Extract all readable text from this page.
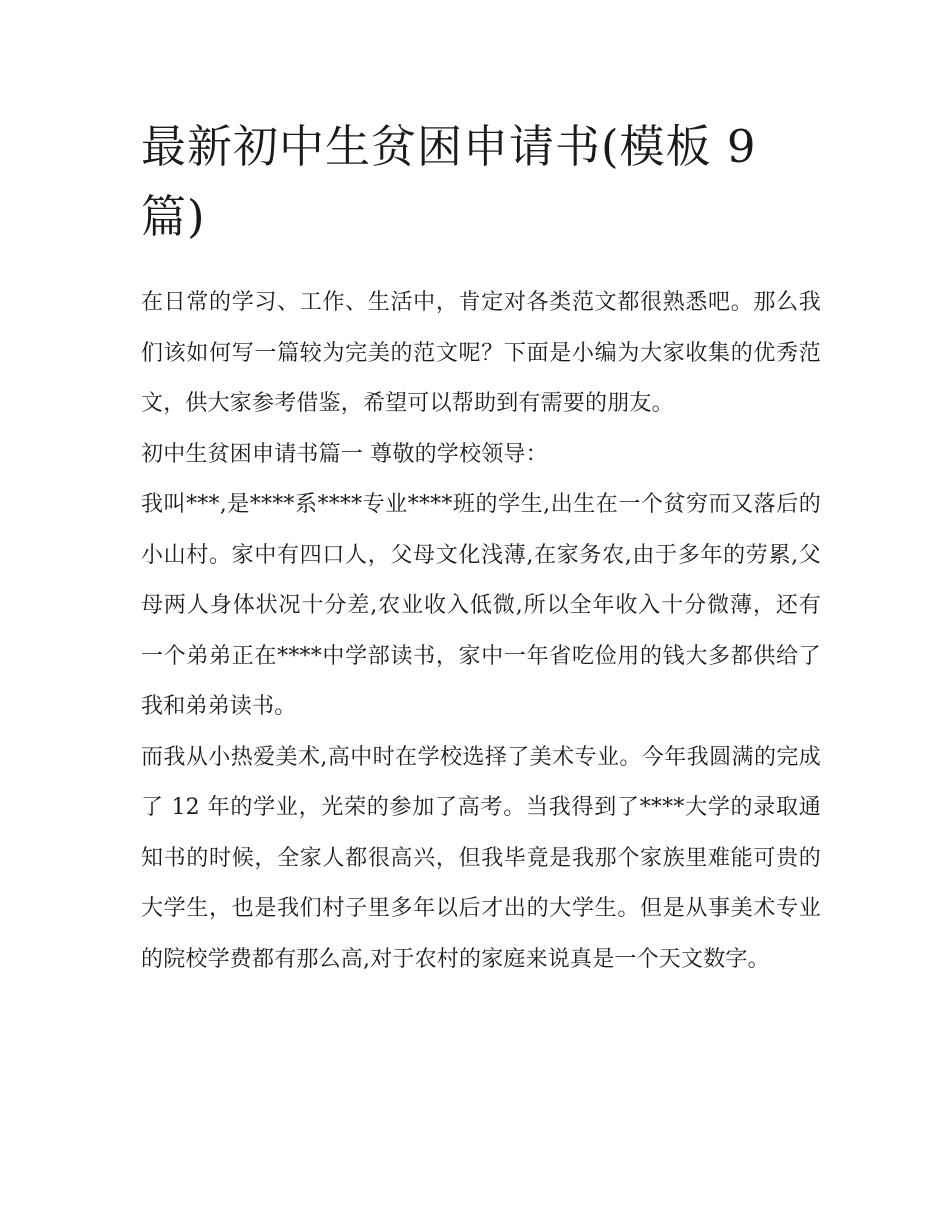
最新初中生贫困申请书(模板 9 篇)

在日常的学习、工作、生活中，肯定对各类范文都很熟悉吧。那么我们该如何写一篇较为完美的范文呢？下面是小编为大家收集的优秀范文，供大家参考借鉴，希望可以帮助到有需要的朋友。

初中生贫困申请书篇一 尊敬的学校领导：

我叫***,是****系****专业****班的学生,出生在一个贫穷而又落后的小山村。家中有四口人，父母文化浅薄,在家务农,由于多年的劳累,父母两人身体状况十分差,农业收入低微,所以全年收入十分微薄，还有一个弟弟正在****中学部读书，家中一年省吃俭用的钱大多都供给了我和弟弟读书。

而我从小热爱美术,高中时在学校选择了美术专业。今年我圆满的完成了 12 年的学业，光荣的参加了高考。当我得到了****大学的录取通知书的时候，全家人都很高兴，但我毕竟是我那个家族里难能可贵的大学生，也是我们村子里多年以后才出的大学生。但是从事美术专业的院校学费都有那么高,对于农村的家庭来说真是一个天文数字。
